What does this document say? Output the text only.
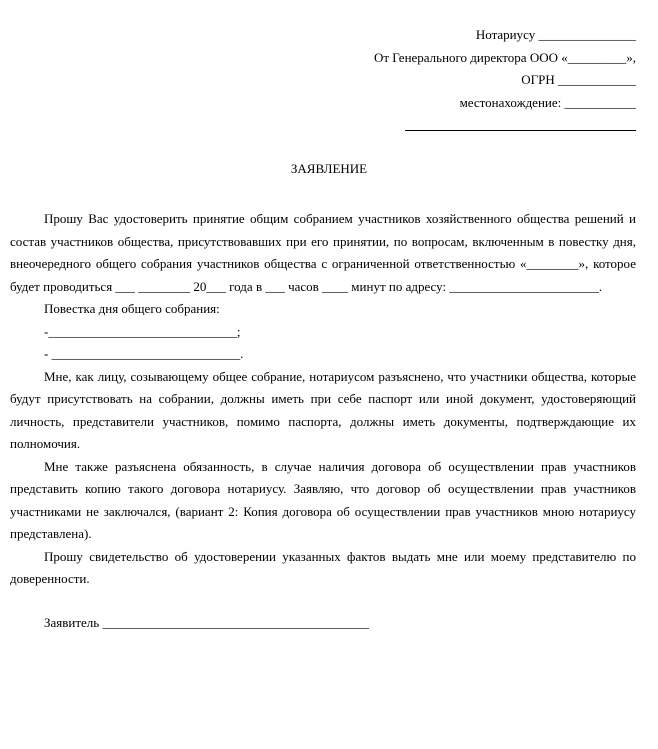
Нотариусу _______________
От Генерального директора ООО «_________»,
ОГРН ____________
местонахождение: ___________
ЗАЯВЛЕНИЕ

Прошу Вас удостоверить принятие общим собранием участников хозяйственного общества решений и состав участников общества, присутствовавших при его принятии, по вопросам, включенным в повестку дня, внеочередного общего собрания участников общества с ограниченной ответственностью «________», которое будет проводиться ___ ________ 20___ года в ___ часов ____ минут по адресу: _______________________.

Повестка дня общего собрания:

-_____________________________;

- _____________________________.

Мне, как лицу, созывающему общее собрание, нотариусом разъяснено, что участники общества, которые будут присутствовать на собрании, должны иметь при себе паспорт или иной документ, удостоверяющий личность, представители участников, помимо паспорта, должны иметь документы, подтверждающие их полномочия.

Мне также разъяснена обязанность, в случае наличия договора об осуществлении прав участников представить копию такого договора нотариусу. Заявляю, что договор об осуществлении прав участников участниками не заключался, (вариант 2: Копия договора об осуществлении прав участников мною нотариусу представлена).

Прошу свидетельство об удостоверении указанных фактов выдать мне или моему представителю по доверенности.

Заявитель _________________________________________
